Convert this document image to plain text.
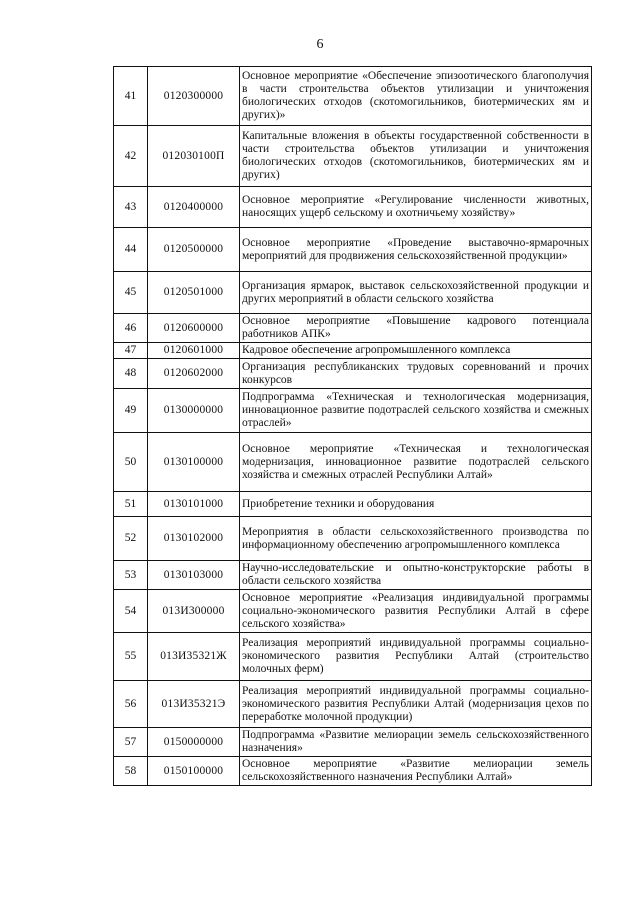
6
41	0120300000	Основное мероприятие «Обеспечение эпизоотического благополучия в части строительства объектов утилизации и уничтожения биологических отходов (скотомогильников, биотермических ям и других)»
42	012030100П	Капитальные вложения в объекты государственной собственности в части строительства объектов утилизации и уничтожения биологических отходов (скотомогильников, биотермических ям и других)
43	0120400000	Основное мероприятие «Регулирование численности животных, наносящих ущерб сельскому и охотничьему хозяйству»
44	0120500000	Основное мероприятие «Проведение выставочно-ярмарочных мероприятий для продвижения сельскохозяйственной продукции»
45	0120501000	Организация ярмарок, выставок сельскохозяйственной продукции и других мероприятий в области сельского хозяйства
46	0120600000	Основное мероприятие «Повышение кадрового потенциала работников АПК»
47	0120601000	Кадровое обеспечение агропромышленного комплекса
48	0120602000	Организация республиканских трудовых соревнований и прочих конкурсов
49	0130000000	Подпрограмма «Техническая и технологическая модернизация, инновационное развитие подотраслей сельского хозяйства и смежных отраслей»
50	0130100000	Основное мероприятие «Техническая и технологическая модернизация, инновационное развитие подотраслей сельского хозяйства и смежных отраслей Республики Алтай»
51	0130101000	Приобретение техники и оборудования
52	0130102000	Мероприятия в области сельскохозяйственного производства по информационному обеспечению агропромышленного комплекса
53	0130103000	Научно-исследовательские и опытно-конструкторские работы в области сельского хозяйства
54	013И300000	Основное мероприятие «Реализация индивидуальной программы социально-экономического развития Республики Алтай в сфере сельского хозяйства»
55	013И35321Ж	Реализация мероприятий индивидуальной программы социально-экономического развития Республики Алтай (строительство молочных ферм)
56	013И35321Э	Реализация мероприятий индивидуальной программы социально-экономического развития Республики Алтай (модернизация цехов по переработке молочной продукции)
57	0150000000	Подпрограмма «Развитие мелиорации земель сельскохозяйственного назначения»
58	0150100000	Основное мероприятие «Развитие мелиорации земель сельскохозяйственного назначения Республики Алтай»
